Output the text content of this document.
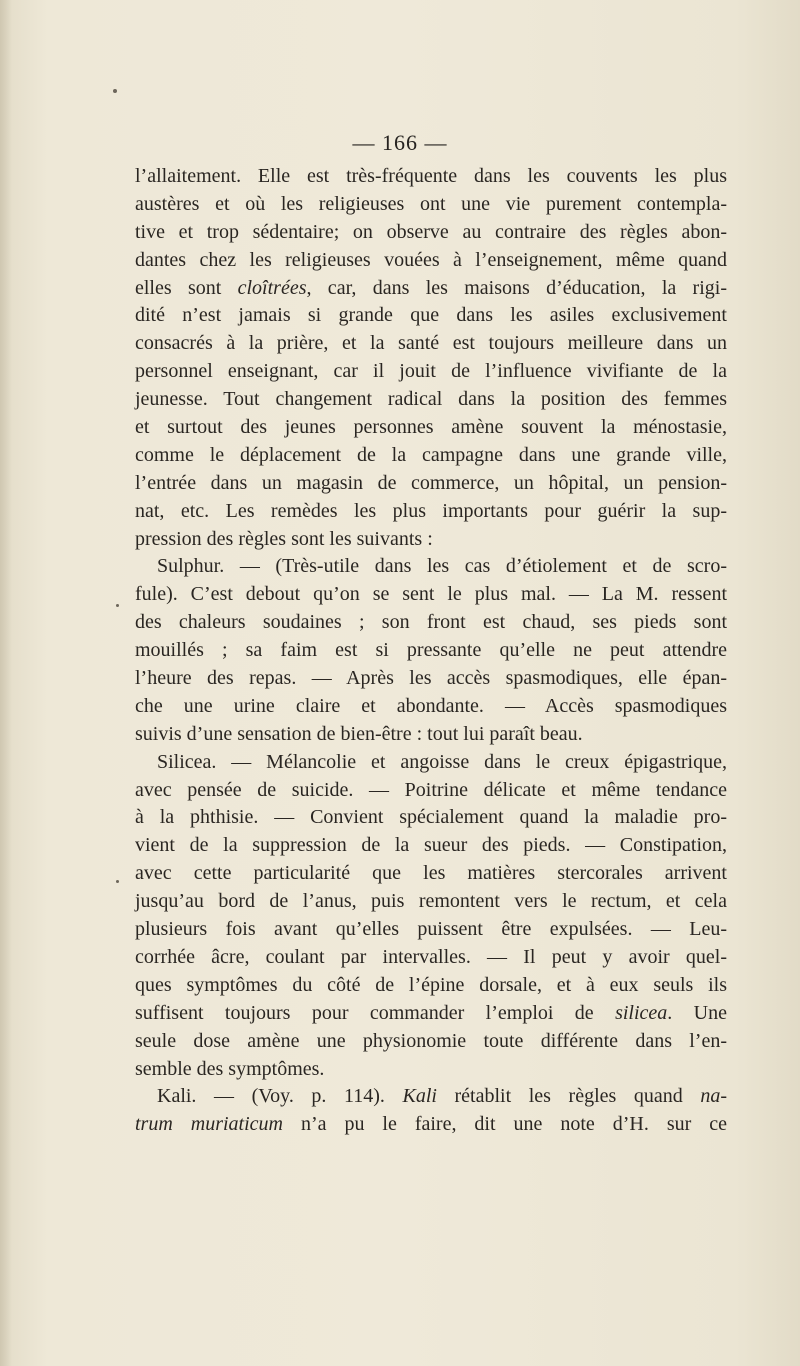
— 166 —
l’allaitement. Elle est très-fréquente dans les couvents les plus
austères et où les religieuses ont une vie purement contempla-
tive et trop sédentaire; on observe au contraire des règles abon-
dantes chez les religieuses vouées à l’enseignement, même quand
elles sont cloîtrées, car, dans les maisons d’éducation, la rigi-
dité n’est jamais si grande que dans les asiles exclusivement
consacrés à la prière, et la santé est toujours meilleure dans un
personnel enseignant, car il jouit de l’influence vivifiante de la
jeunesse. Tout changement radical dans la position des femmes
et surtout des jeunes personnes amène souvent la ménostasie,
comme le déplacement de la campagne dans une grande ville,
l’entrée dans un magasin de commerce, un hôpital, un pension-
nat, etc. Les remèdes les plus importants pour guérir la sup-
pression des règles sont les suivants :
Sulphur. — (Très-utile dans les cas d’étiolement et de scro-
fule). C’est debout qu’on se sent le plus mal. — La M. ressent
des chaleurs soudaines ; son front est chaud, ses pieds sont
mouillés ; sa faim est si pressante qu’elle ne peut attendre
l’heure des repas. — Après les accès spasmodiques, elle épan-
che une urine claire et abondante. — Accès spasmodiques
suivis d’une sensation de bien-être : tout lui paraît beau.
Silicea. — Mélancolie et angoisse dans le creux épigastrique,
avec pensée de suicide. — Poitrine délicate et même tendance
à la phthisie. — Convient spécialement quand la maladie pro-
vient de la suppression de la sueur des pieds. — Constipation,
avec cette particularité que les matières stercorales arrivent
jusqu’au bord de l’anus, puis remontent vers le rectum, et cela
plusieurs fois avant qu’elles puissent être expulsées. — Leu-
corrhée âcre, coulant par intervalles. — Il peut y avoir quel-
ques symptômes du côté de l’épine dorsale, et à eux seuls ils
suffisent toujours pour commander l’emploi de silicea. Une
seule dose amène une physionomie toute différente dans l’en-
semble des symptômes.
Kali. — (Voy. p. 114). Kali rétablit les règles quand na-
trum muriaticum n’a pu le faire, dit une note d’H. sur ce
